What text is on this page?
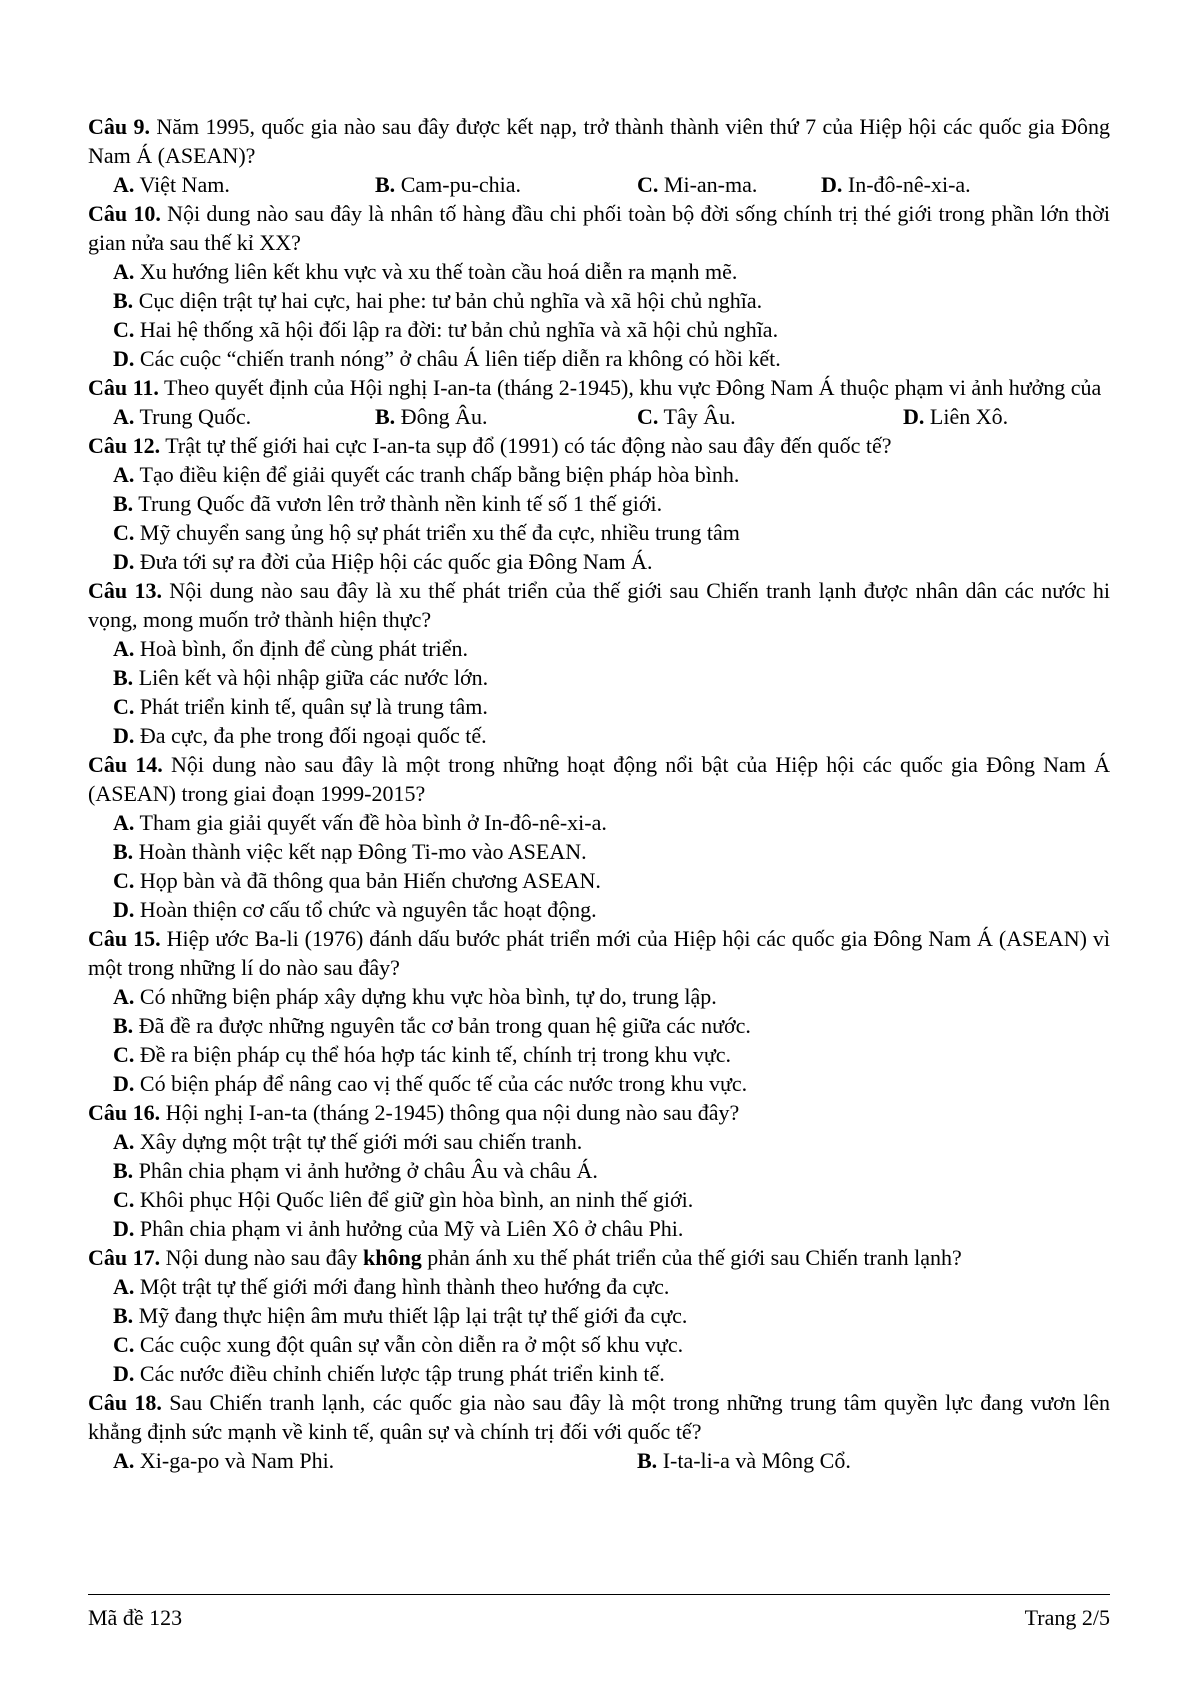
Câu 9. Năm 1995, quốc gia nào sau đây được kết nạp, trở thành thành viên thứ 7 của Hiệp hội các quốc gia Đông Nam Á (ASEAN)?
A. Việt Nam.	B. Cam-pu-chia.	C. Mi-an-ma.	D. In-đô-nê-xi-a.
Câu 10. Nội dung nào sau đây là nhân tố hàng đầu chi phối toàn bộ đời sống chính trị thé giới trong phần lớn thời gian nửa sau thế kỉ XX?
A. Xu hướng liên kết khu vực và xu thế toàn cầu hoá diễn ra mạnh mẽ.
B. Cục diện trật tự hai cực, hai phe: tư bản chủ nghĩa và xã hội chủ nghĩa.
C. Hai hệ thống xã hội đối lập ra đời: tư bản chủ nghĩa và xã hội chủ nghĩa.
D. Các cuộc “chiến tranh nóng” ở châu Á liên tiếp diễn ra không có hồi kết.
Câu 11. Theo quyết định của Hội nghị I-an-ta (tháng 2-1945), khu vực Đông Nam Á thuộc phạm vi ảnh hưởng của
A. Trung Quốc.	B. Đông Âu.	C. Tây Âu.	D. Liên Xô.
Câu 12. Trật tự thế giới hai cực I-an-ta sụp đổ (1991) có tác động nào sau đây đến quốc tế?
A. Tạo điều kiện để giải quyết các tranh chấp bằng biện pháp hòa bình.
B. Trung Quốc đã vươn lên trở thành nền kinh tế số 1 thế giới.
C. Mỹ chuyển sang ủng hộ sự phát triển xu thế đa cực, nhiều trung tâm
D. Đưa tới sự ra đời của Hiệp hội các quốc gia Đông Nam Á.
Câu 13. Nội dung nào sau đây là xu thế phát triển của thế giới sau Chiến tranh lạnh được nhân dân các nước hi vọng, mong muốn trở thành hiện thực?
A. Hoà bình, ổn định để cùng phát triển.
B. Liên kết và hội nhập giữa các nước lớn.
C. Phát triển kinh tế, quân sự là trung tâm.
D. Đa cực, đa phe trong đối ngoại quốc tế.
Câu 14. Nội dung nào sau đây là một trong những hoạt động nổi bật của Hiệp hội các quốc gia Đông Nam Á (ASEAN) trong giai đoạn 1999-2015?
A. Tham gia giải quyết vấn đề hòa bình ở In-đô-nê-xi-a.
B. Hoàn thành việc kết nạp Đông Ti-mo vào ASEAN.
C. Họp bàn và đã thông qua bản Hiến chương ASEAN.
D. Hoàn thiện cơ cấu tổ chức và nguyên tắc hoạt động.
Câu 15. Hiệp ước Ba-li (1976) đánh dấu bước phát triển mới của Hiệp hội các quốc gia Đông Nam Á (ASEAN) vì một trong những lí do nào sau đây?
A. Có những biện pháp xây dựng khu vực hòa bình, tự do, trung lập.
B. Đã đề ra được những nguyên tắc cơ bản trong quan hệ giữa các nước.
C. Đề ra biện pháp cụ thể hóa hợp tác kinh tế, chính trị trong khu vực.
D. Có biện pháp để nâng cao vị thế quốc tế của các nước trong khu vực.
Câu 16. Hội nghị I-an-ta (tháng 2-1945) thông qua nội dung nào sau đây?
A. Xây dựng một trật tự thế giới mới sau chiến tranh.
B. Phân chia phạm vi ảnh hưởng ở châu Âu và châu Á.
C. Khôi phục Hội Quốc liên để giữ gìn hòa bình, an ninh thế giới.
D. Phân chia phạm vi ảnh hưởng của Mỹ và Liên Xô ở châu Phi.
Câu 17. Nội dung nào sau đây không phản ánh xu thế phát triển của thế giới sau Chiến tranh lạnh?
A. Một trật tự thế giới mới đang hình thành theo hướng đa cực.
B. Mỹ đang thực hiện âm mưu thiết lập lại trật tự thế giới đa cực.
C. Các cuộc xung đột quân sự vẫn còn diễn ra ở một số khu vực.
D. Các nước điều chỉnh chiến lược tập trung phát triển kinh tế.
Câu 18. Sau Chiến tranh lạnh, các quốc gia nào sau đây là một trong những trung tâm quyền lực đang vươn lên khẳng định sức mạnh về kinh tế, quân sự và chính trị đối với quốc tế?
A. Xi-ga-po và Nam Phi.	B. I-ta-li-a và Mông Cổ.
Mã đề 123	Trang 2/5
